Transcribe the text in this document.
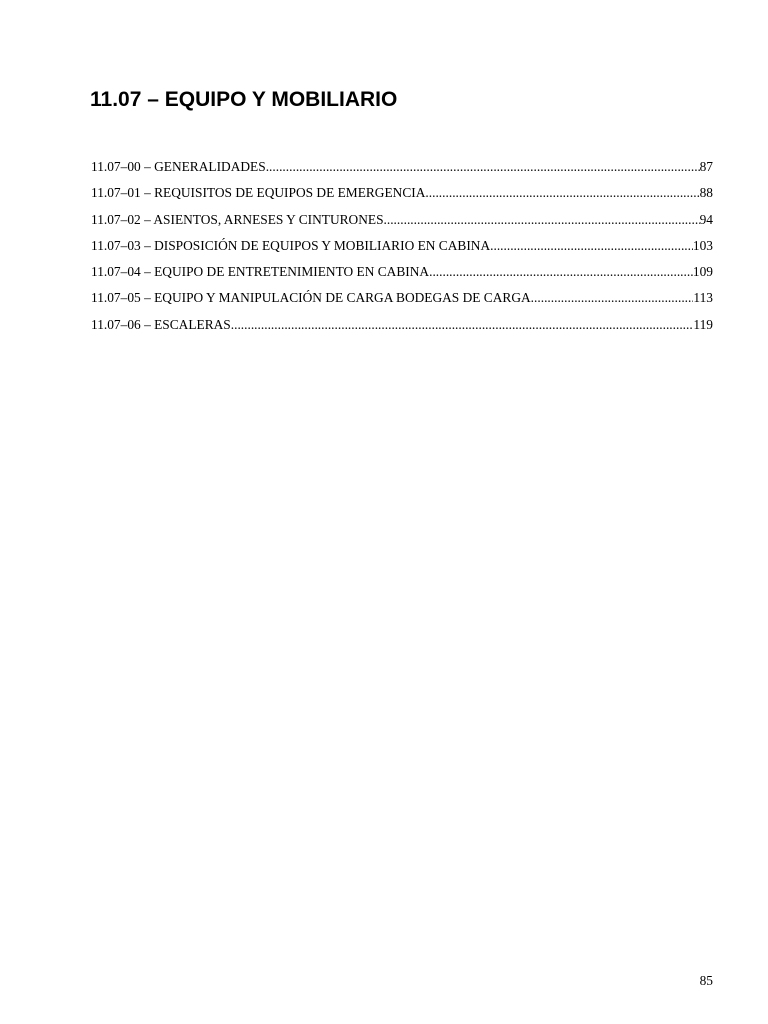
11.07 – EQUIPO Y MOBILIARIO
11.07–00 – GENERALIDADES .....	87
11.07–01 – REQUISITOS DE EQUIPOS DE EMERGENCIA .....	88
11.07–02 – ASIENTOS, ARNESES Y CINTURONES .....	94
11.07–03 – DISPOSICIÓN DE EQUIPOS Y MOBILIARIO EN CABINA .....	103
11.07–04 – EQUIPO DE ENTRETENIMIENTO EN CABINA .....	109
11.07–05 – EQUIPO Y MANIPULACIÓN DE CARGA BODEGAS DE CARGA .....	113
11.07–06 – ESCALERAS .....	119
85
